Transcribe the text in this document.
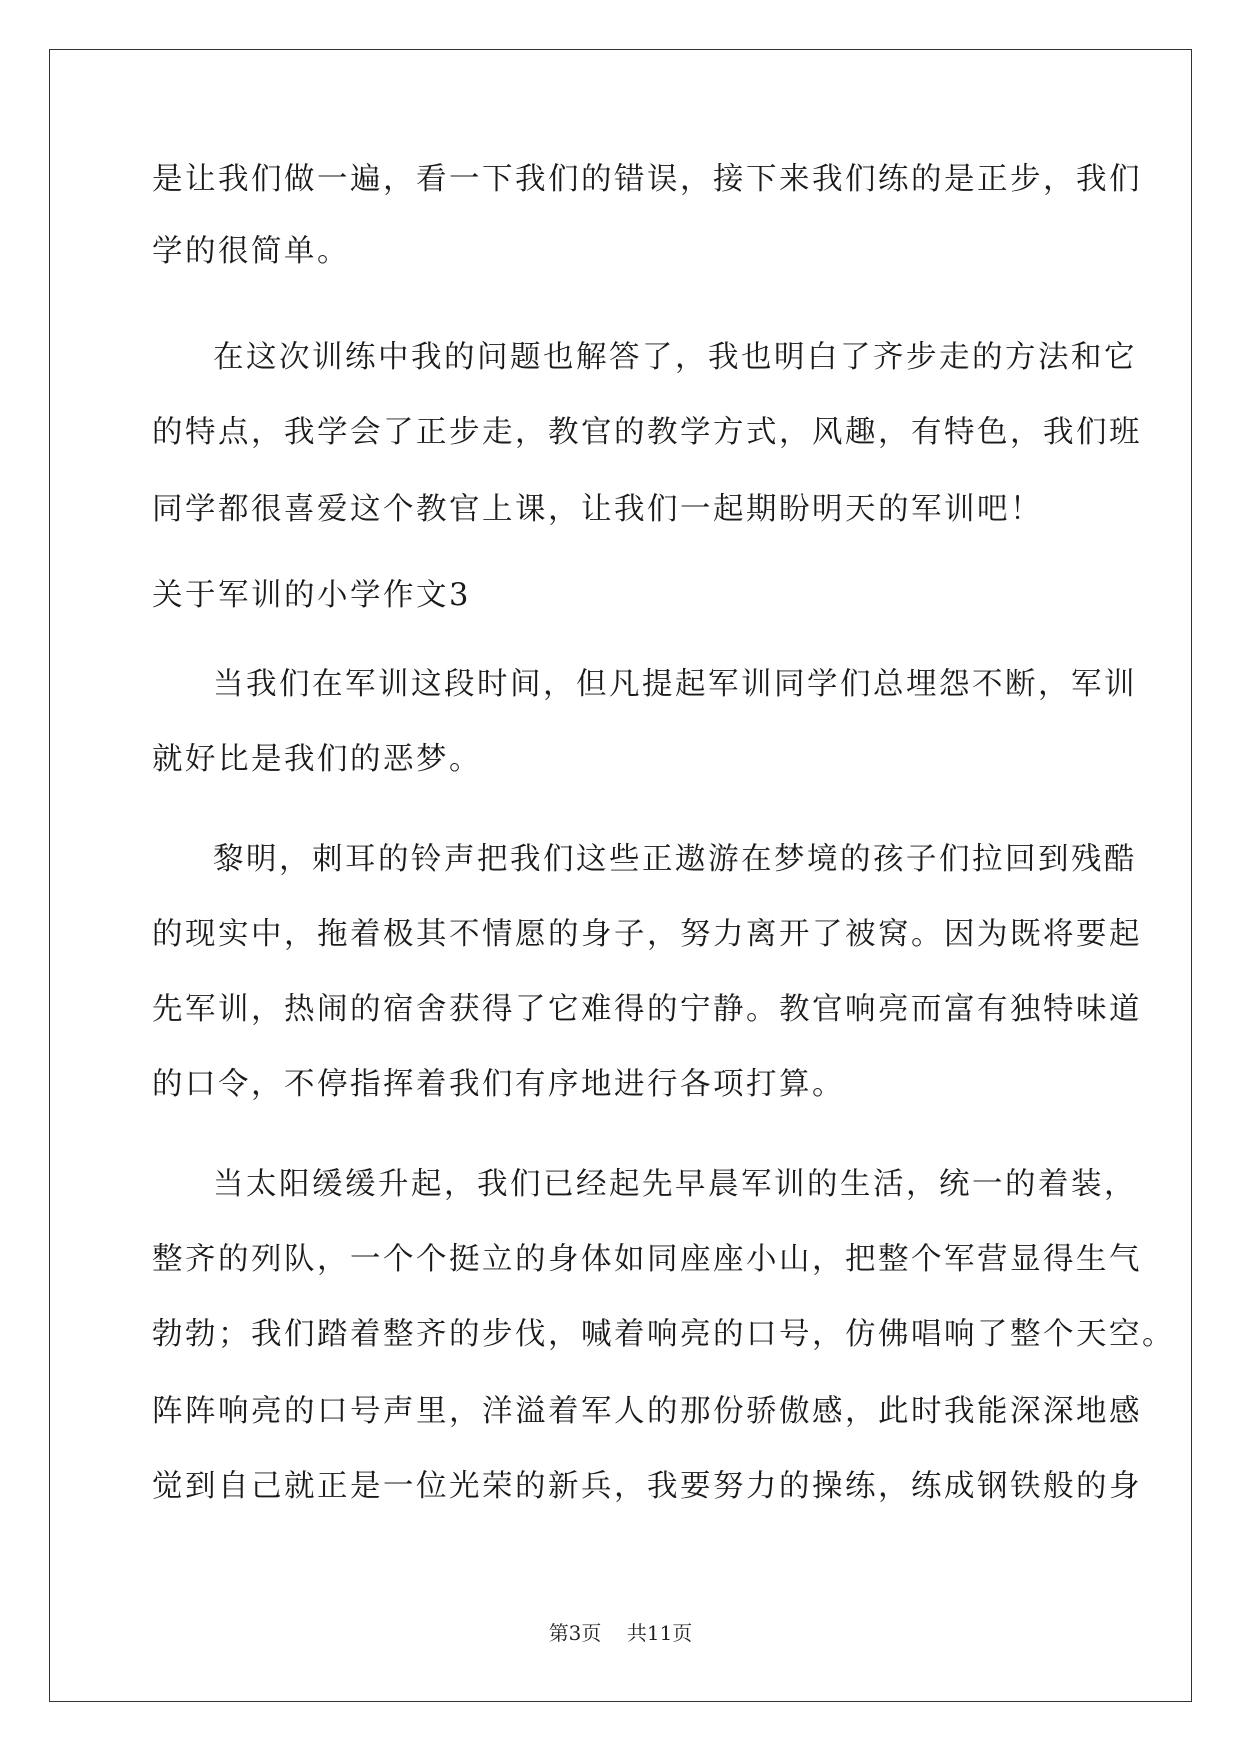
是让我们做一遍，看一下我们的错误，接下来我们练的是正步，我们
学的很简单。
在这次训练中我的问题也解答了，我也明白了齐步走的方法和它
的特点，我学会了正步走，教官的教学方式，风趣，有特色，我们班
同学都很喜爱这个教官上课，让我们一起期盼明天的军训吧！
关于军训的小学作文3
当我们在军训这段时间，但凡提起军训同学们总埋怨不断，军训
就好比是我们的恶梦。
黎明，刺耳的铃声把我们这些正遨游在梦境的孩子们拉回到残酷
的现实中，拖着极其不情愿的身子，努力离开了被窝。因为既将要起
先军训，热闹的宿舍获得了它难得的宁静。教官响亮而富有独特味道
的口令，不停指挥着我们有序地进行各项打算。
当太阳缓缓升起，我们已经起先早晨军训的生活，统一的着装，
整齐的列队，一个个挺立的身体如同座座小山，把整个军营显得生气
勃勃；我们踏着整齐的步伐，喊着响亮的口号，仿佛唱响了整个天空。
阵阵响亮的口号声里，洋溢着军人的那份骄傲感，此时我能深深地感
觉到自己就正是一位光荣的新兵，我要努力的操练，练成钢铁般的身
第3页 共11页
